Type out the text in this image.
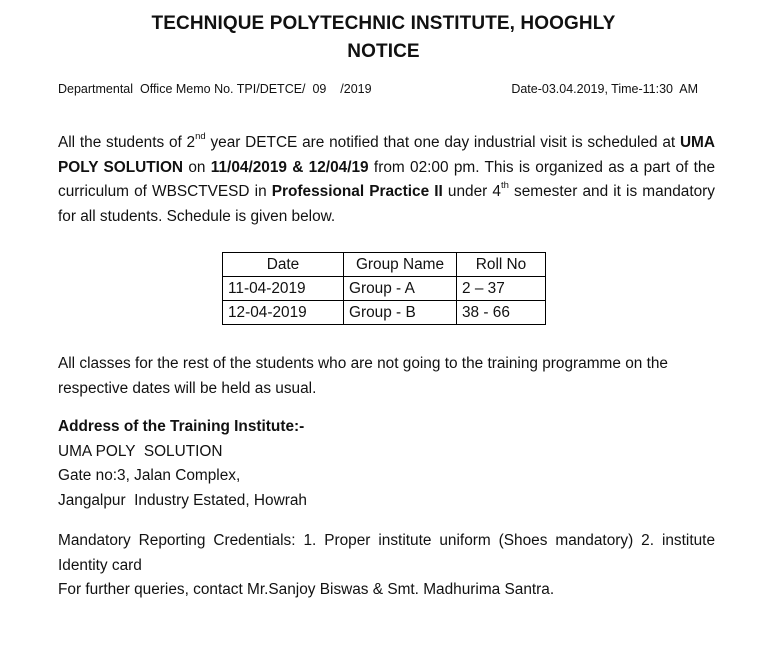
TECHNIQUE POLYTECHNIC INSTITUTE, HOOGHLY
NOTICE
Departmental  Office Memo No. TPI/DETCE/  09    /2019	Date-03.04.2019, Time-11:30  AM
All the students of 2nd year DETCE are notified that one day industrial visit is scheduled at UMA POLY SOLUTION on 11/04/2019 & 12/04/19 from 02:00 pm. This is organized as a part of the curriculum of WBSCTVESD in Professional Practice II under 4th semester and it is mandatory for all students. Schedule is given below.
Date	Group Name	Roll No
11-04-2019	Group - A	2 – 37
12-04-2019	Group - B	38 - 66
All classes for the rest of the students who are not going to the training programme on the respective dates will be held as usual.
Address of the Training Institute:-
UMA POLY  SOLUTION
Gate no:3, Jalan Complex,
Jangalpur  Industry Estated, Howrah
Mandatory Reporting Credentials: 1. Proper institute uniform (Shoes mandatory) 2. institute Identity card
For further queries, contact Mr.Sanjoy Biswas & Smt. Madhurima Santra.
